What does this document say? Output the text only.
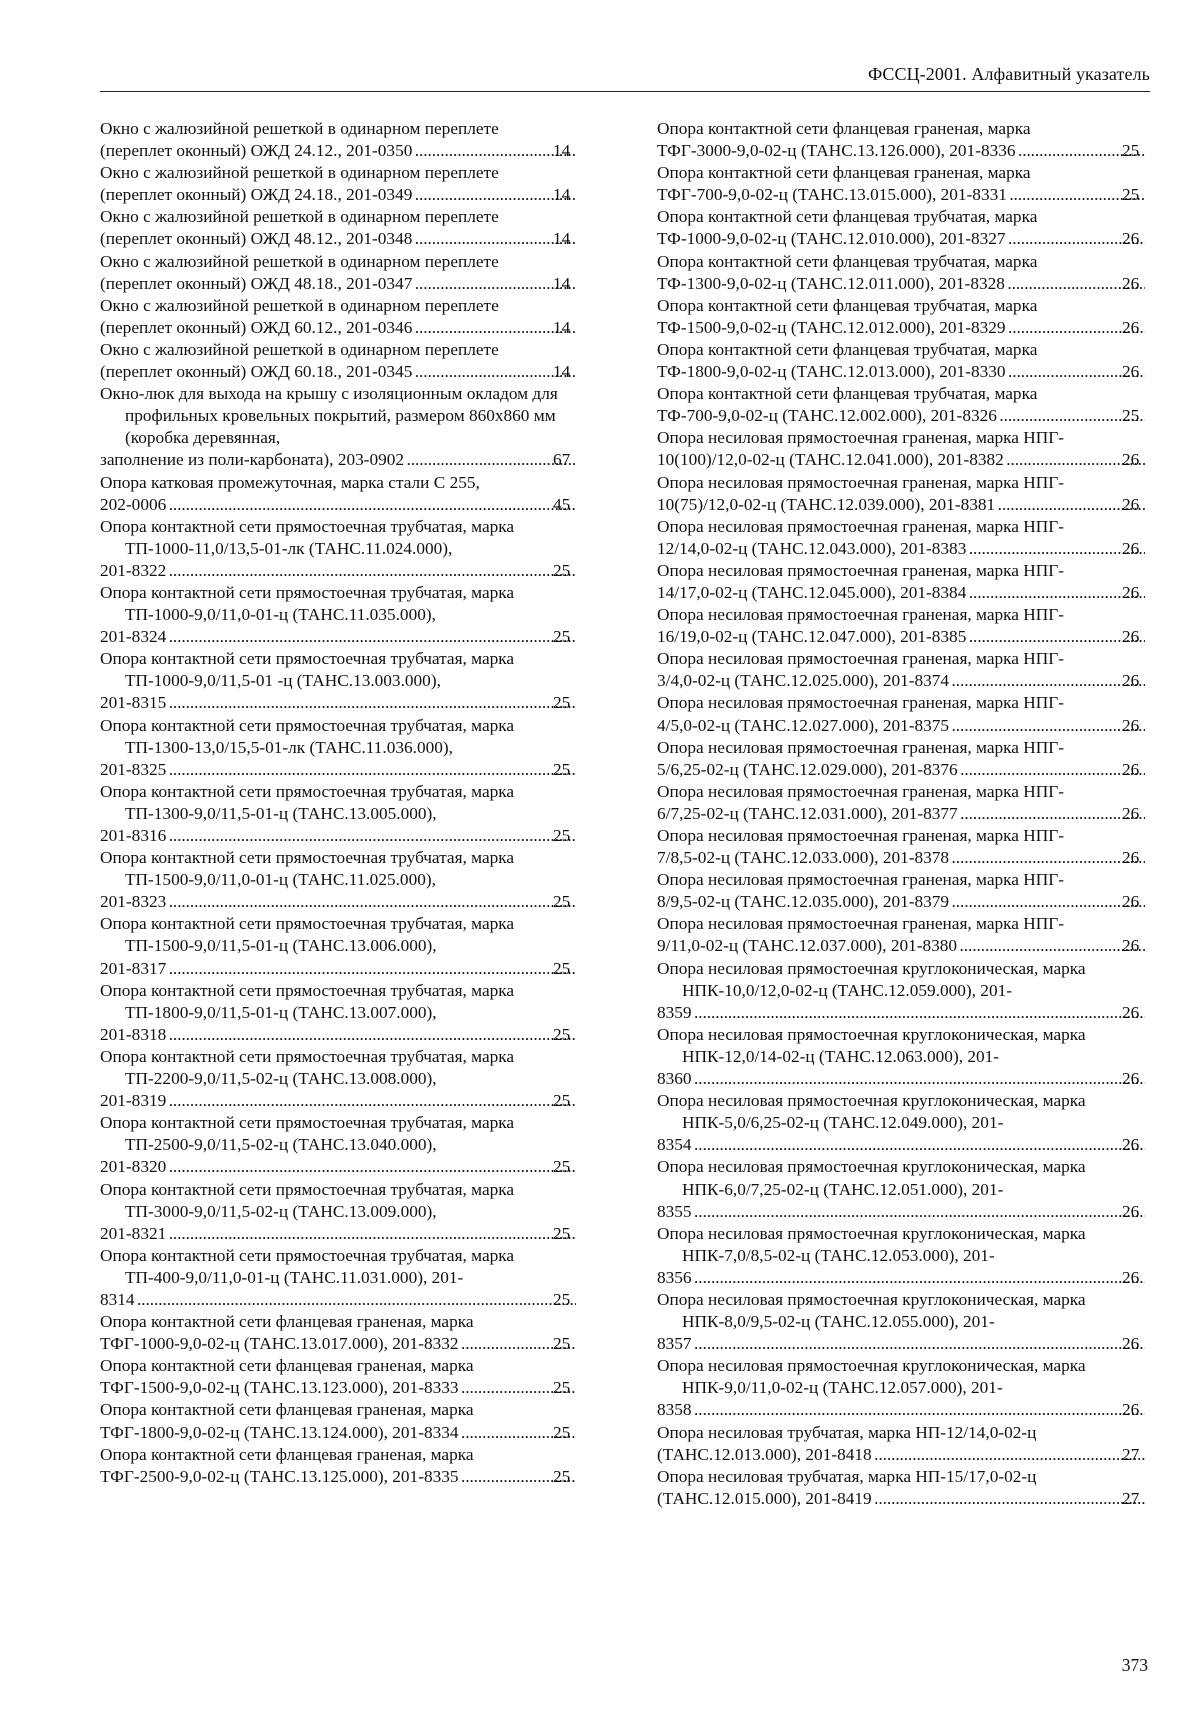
ФССЦ-2001. Алфавитный указатель
Окно с жалюзийной решеткой в одинарном переплете
(переплет оконный) ОЖД 24.12., 201-0350 . . .	14
Окно с жалюзийной решеткой в одинарном переплете
(переплет оконный) ОЖД 24.18., 201-0349 . . .	14
Окно с жалюзийной решеткой в одинарном переплете
(переплет оконный) ОЖД 48.12., 201-0348 . . .	14
Окно с жалюзийной решеткой в одинарном переплете
(переплет оконный) ОЖД 48.18., 201-0347 . . .	14
Окно с жалюзийной решеткой в одинарном переплете
(переплет оконный) ОЖД 60.12., 201-0346 . . .	14
Окно с жалюзийной решеткой в одинарном переплете
(переплет оконный) ОЖД 60.18., 201-0345 . . .	14
Окно-люк для выхода на крышу с изоляционным окладом для профильных кровельных покрытий, размером 860х860 мм (коробка деревянная,
заполнение из поли-карбоната), 203-0902 . . .	67
Опора катковая промежуточная, марка стали С 255,
202-0006 . . .	45
Опора контактной сети прямостоечная трубчатая, марка ТП-1000-11,0/13,5-01-лк (ТАНС.11.024.000),
201-8322 . . .	25
Опора контактной сети прямостоечная трубчатая, марка ТП-1000-9,0/11,0-01-ц (ТАНС.11.035.000),
201-8324 . . .	25
Опора контактной сети прямостоечная трубчатая, марка ТП-1000-9,0/11,5-01 -ц (ТАНС.13.003.000),
201-8315 . . .	25
Опора контактной сети прямостоечная трубчатая, марка ТП-1300-13,0/15,5-01-лк (ТАНС.11.036.000),
201-8325 . . .	25
Опора контактной сети прямостоечная трубчатая, марка ТП-1300-9,0/11,5-01-ц (ТАНС.13.005.000),
201-8316 . . .	25
Опора контактной сети прямостоечная трубчатая, марка ТП-1500-9,0/11,0-01-ц (ТАНС.11.025.000),
201-8323 . . .	25
Опора контактной сети прямостоечная трубчатая, марка ТП-1500-9,0/11,5-01-ц (ТАНС.13.006.000),
201-8317 . . .	25
Опора контактной сети прямостоечная трубчатая, марка ТП-1800-9,0/11,5-01-ц (ТАНС.13.007.000),
201-8318 . . .	25
Опора контактной сети прямостоечная трубчатая, марка ТП-2200-9,0/11,5-02-ц (ТАНС.13.008.000),
201-8319 . . .	25
Опора контактной сети прямостоечная трубчатая, марка ТП-2500-9,0/11,5-02-ц (ТАНС.13.040.000),
201-8320 . . .	25
Опора контактной сети прямостоечная трубчатая, марка ТП-3000-9,0/11,5-02-ц (ТАНС.13.009.000),
201-8321 . . .	25
Опора контактной сети прямостоечная трубчатая, марка ТП-400-9,0/11,0-01-ц (ТАНС.11.031.000), 201-
8314 . . .	25
Опора контактной сети фланцевая граненая, марка
ТФГ-1000-9,0-02-ц (ТАНС.13.017.000), 201-8332 . . .	25
Опора контактной сети фланцевая граненая, марка
ТФГ-1500-9,0-02-ц (ТАНС.13.123.000), 201-8333 . . .	25
Опора контактной сети фланцевая граненая, марка
ТФГ-1800-9,0-02-ц (ТАНС.13.124.000), 201-8334 . . .	25
Опора контактной сети фланцевая граненая, марка
ТФГ-2500-9,0-02-ц (ТАНС.13.125.000), 201-8335 . . .	25
Опора контактной сети фланцевая граненая, марка
ТФГ-3000-9,0-02-ц (ТАНС.13.126.000), 201-8336 . . .	25
Опора контактной сети фланцевая граненая, марка
ТФГ-700-9,0-02-ц (ТАНС.13.015.000), 201-8331 . . .	25
Опора контактной сети фланцевая трубчатая, марка
ТФ-1000-9,0-02-ц (ТАНС.12.010.000), 201-8327 . . .	26
Опора контактной сети фланцевая трубчатая, марка
ТФ-1300-9,0-02-ц (ТАНС.12.011.000), 201-8328 . . .	26
Опора контактной сети фланцевая трубчатая, марка
ТФ-1500-9,0-02-ц (ТАНС.12.012.000), 201-8329 . . .	26
Опора контактной сети фланцевая трубчатая, марка
ТФ-1800-9,0-02-ц (ТАНС.12.013.000), 201-8330 . . .	26
Опора контактной сети фланцевая трубчатая, марка
ТФ-700-9,0-02-ц (ТАНС.12.002.000), 201-8326 . . .	25
Опора несиловая прямостоечная граненая, марка НПГ-
10(100)/12,0-02-ц (ТАНС.12.041.000), 201-8382 . . .	26
Опора несиловая прямостоечная граненая, марка НПГ-
10(75)/12,0-02-ц (ТАНС.12.039.000), 201-8381 . . .	26
Опора несиловая прямостоечная граненая, марка НПГ-
12/14,0-02-ц (ТАНС.12.043.000), 201-8383 . . .	26
Опора несиловая прямостоечная граненая, марка НПГ-
14/17,0-02-ц (ТАНС.12.045.000), 201-8384 . . .	26
Опора несиловая прямостоечная граненая, марка НПГ-
16/19,0-02-ц (ТАНС.12.047.000), 201-8385 . . .	26
Опора несиловая прямостоечная граненая, марка НПГ-
3/4,0-02-ц (ТАНС.12.025.000), 201-8374 . . .	26
Опора несиловая прямостоечная граненая, марка НПГ-
4/5,0-02-ц (ТАНС.12.027.000), 201-8375 . . .	26
Опора несиловая прямостоечная граненая, марка НПГ-
5/6,25-02-ц (ТАНС.12.029.000), 201-8376 . . .	26
Опора несиловая прямостоечная граненая, марка НПГ-
6/7,25-02-ц (ТАНС.12.031.000), 201-8377 . . .	26
Опора несиловая прямостоечная граненая, марка НПГ-
7/8,5-02-ц (ТАНС.12.033.000), 201-8378 . . .	26
Опора несиловая прямостоечная граненая, марка НПГ-
8/9,5-02-ц (ТАНС.12.035.000), 201-8379 . . .	26
Опора несиловая прямостоечная граненая, марка НПГ-
9/11,0-02-ц (ТАНС.12.037.000), 201-8380 . . .	26
Опора несиловая прямостоечная круглоконическая, марка НПК-10,0/12,0-02-ц (ТАНС.12.059.000), 201-
8359 . . .	26
Опора несиловая прямостоечная круглоконическая, марка НПК-12,0/14-02-ц (ТАНС.12.063.000), 201-
8360 . . .	26
Опора несиловая прямостоечная круглоконическая, марка НПК-5,0/6,25-02-ц (ТАНС.12.049.000), 201-
8354 . . .	26
Опора несиловая прямостоечная круглоконическая, марка НПК-6,0/7,25-02-ц (ТАНС.12.051.000), 201-
8355 . . .	26
Опора несиловая прямостоечная круглоконическая, марка НПК-7,0/8,5-02-ц (ТАНС.12.053.000), 201-
8356 . . .	26
Опора несиловая прямостоечная круглоконическая, марка НПК-8,0/9,5-02-ц (ТАНС.12.055.000), 201-
8357 . . .	26
Опора несиловая прямостоечная круглоконическая, марка НПК-9,0/11,0-02-ц (ТАНС.12.057.000), 201-
8358 . . .	26
Опора несиловая трубчатая, марка НП-12/14,0-02-ц
(ТАНС.12.013.000), 201-8418 . . .	27
Опора несиловая трубчатая, марка НП-15/17,0-02-ц
(ТАНС.12.015.000), 201-8419 . . .	27
373
